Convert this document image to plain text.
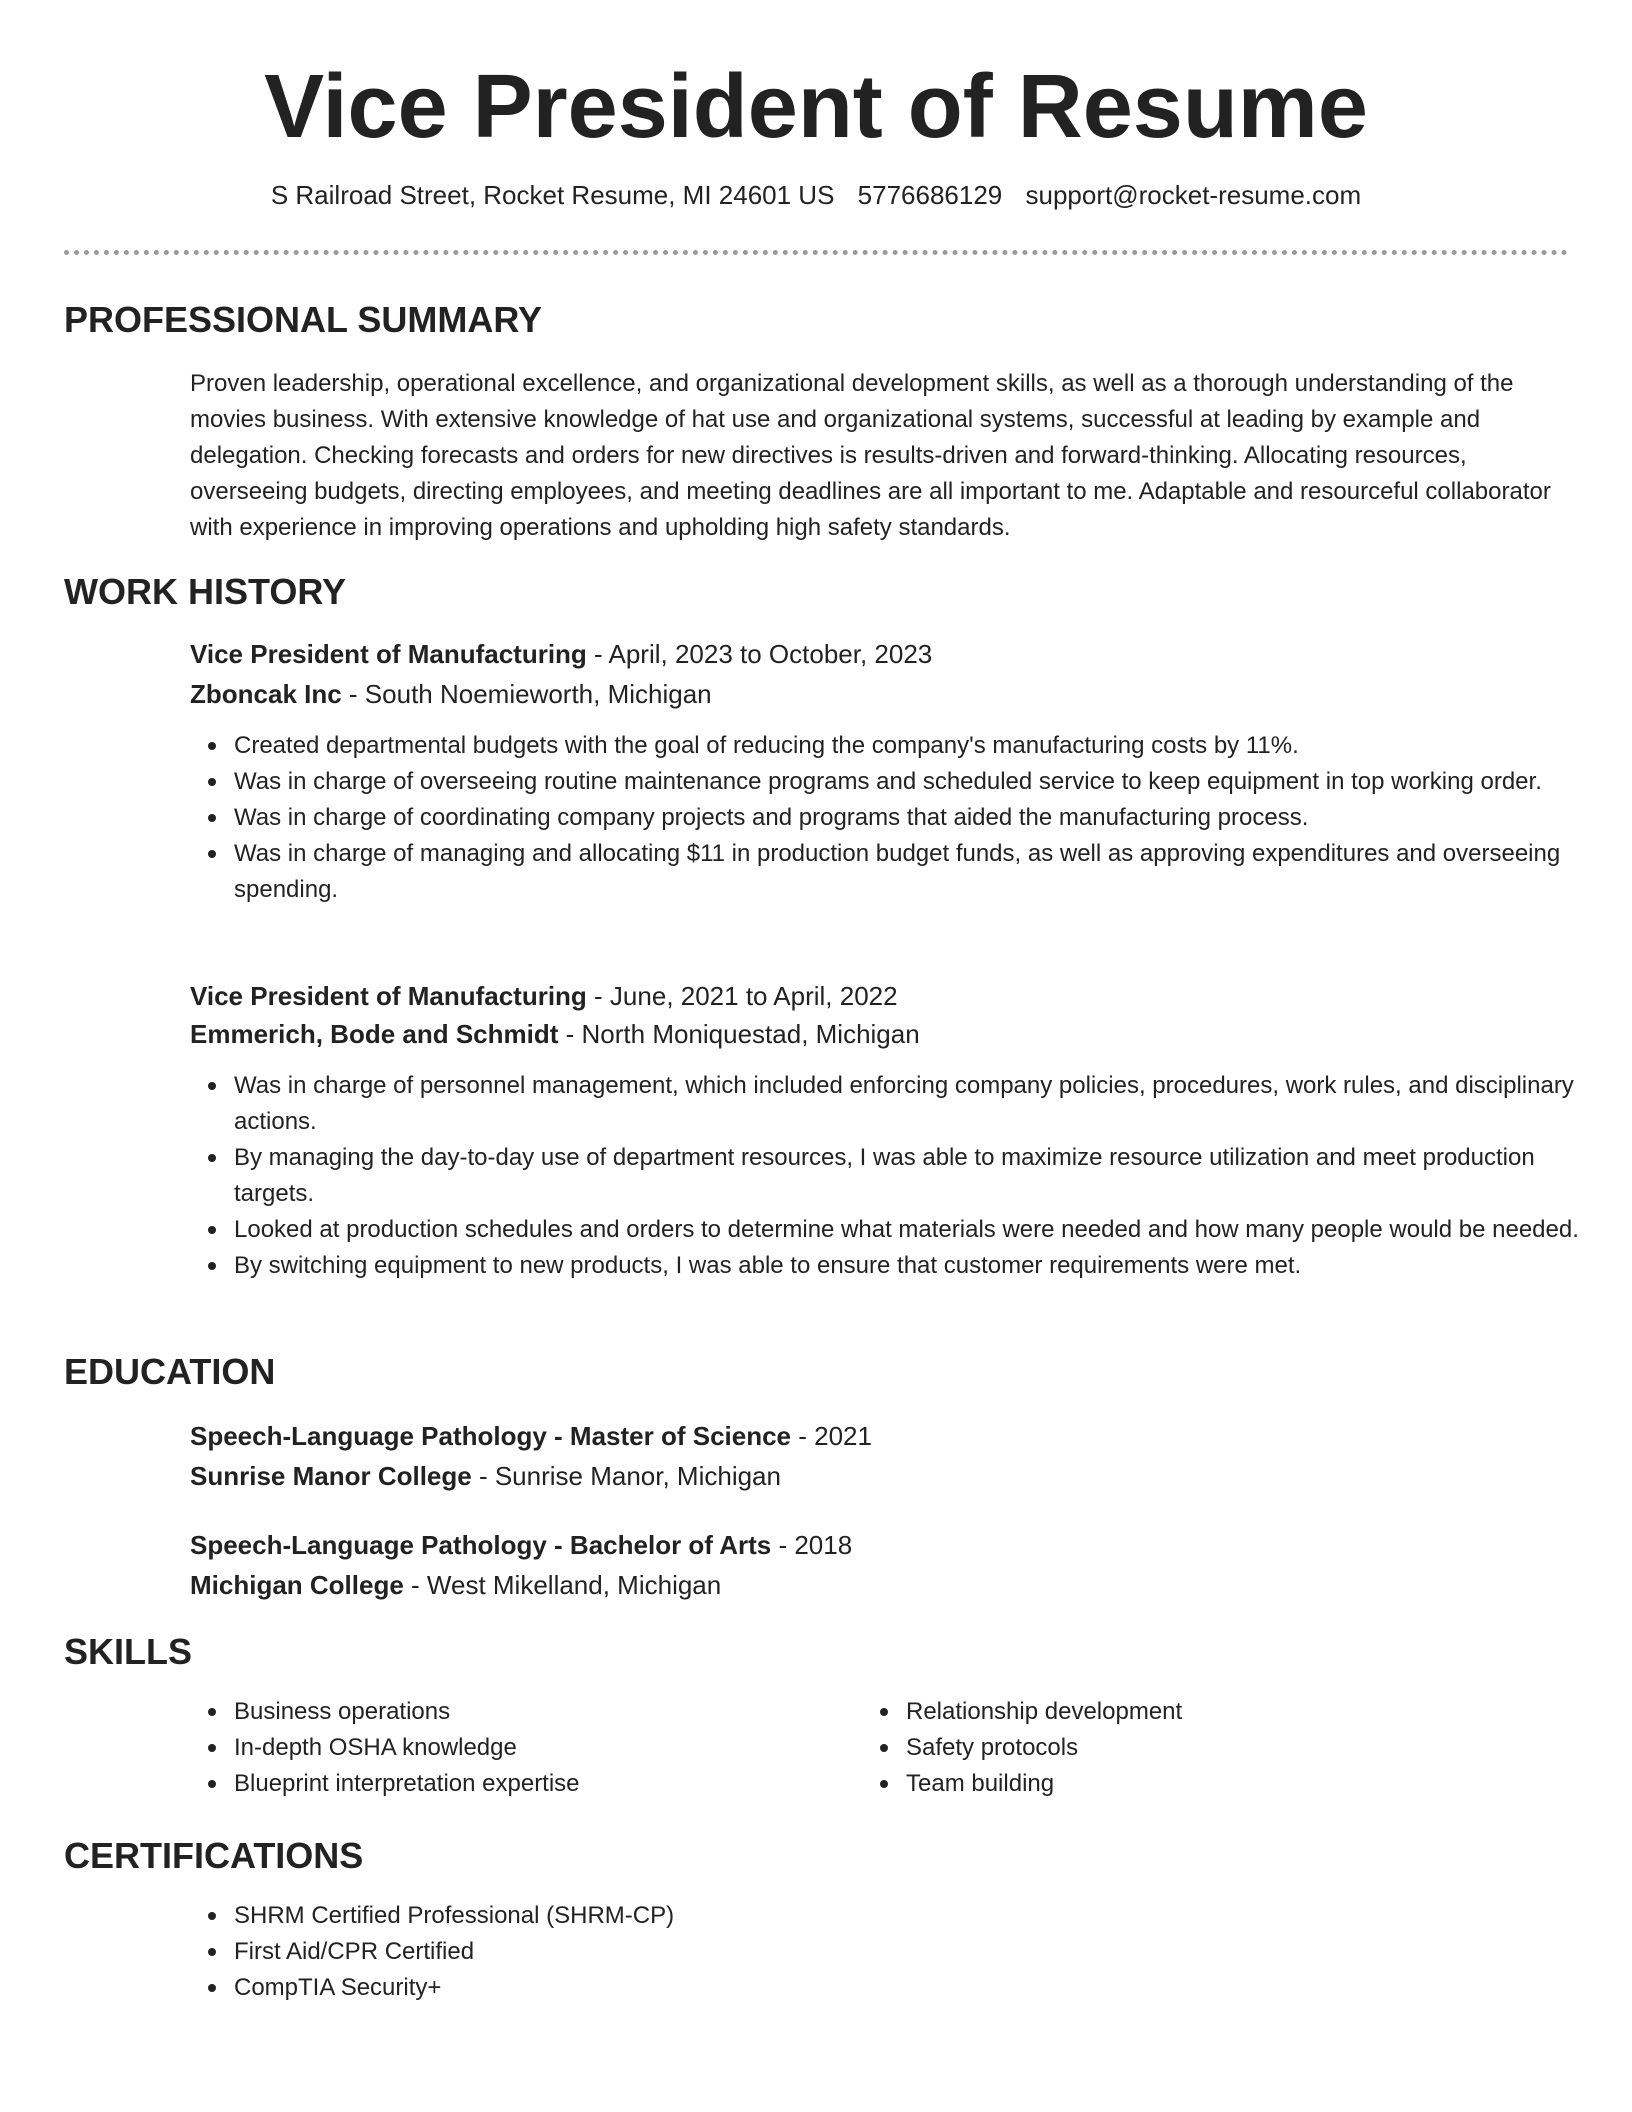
Vice President of Resume
S Railroad Street, Rocket Resume, MI 24601 US 5776686129 support@rocket-resume.com
PROFESSIONAL SUMMARY

Proven leadership, operational excellence, and organizational development skills, as well as a thorough understanding of the movies business. With extensive knowledge of hat use and organizational systems, successful at leading by example and delegation. Checking forecasts and orders for new directives is results-driven and forward-thinking. Allocating resources, overseeing budgets, directing employees, and meeting deadlines are all important to me. Adaptable and resourceful collaborator with experience in improving operations and upholding high safety standards.

WORK HISTORY

Vice President of Manufacturing - April, 2023 to October, 2023

Zboncak Inc - South Noemieworth, Michigan

Created departmental budgets with the goal of reducing the company's manufacturing costs by 11%.
Was in charge of overseeing routine maintenance programs and scheduled service to keep equipment in top working order.
Was in charge of coordinating company projects and programs that aided the manufacturing process.
Was in charge of managing and allocating $11 in production budget funds, as well as approving expenditures and overseeing spending.

Vice President of Manufacturing - June, 2021 to April, 2022

Emmerich, Bode and Schmidt - North Moniquestad, Michigan

Was in charge of personnel management, which included enforcing company policies, procedures, work rules, and disciplinary actions.
By managing the day-to-day use of department resources, I was able to maximize resource utilization and meet production targets.
Looked at production schedules and orders to determine what materials were needed and how many people would be needed.
By switching equipment to new products, I was able to ensure that customer requirements were met.
EDUCATION

Speech-Language Pathology - Master of Science - 2021

Sunrise Manor College - Sunrise Manor, Michigan

Speech-Language Pathology - Bachelor of Arts - 2018

Michigan College - West Mikelland, Michigan

SKILLS
Business operations
In-depth OSHA knowledge
Blueprint interpretation expertise
Relationship development
Safety protocols
Team building
CERTIFICATIONS
SHRM Certified Professional (SHRM-CP)
First Aid/CPR Certified
CompTIA Security+
